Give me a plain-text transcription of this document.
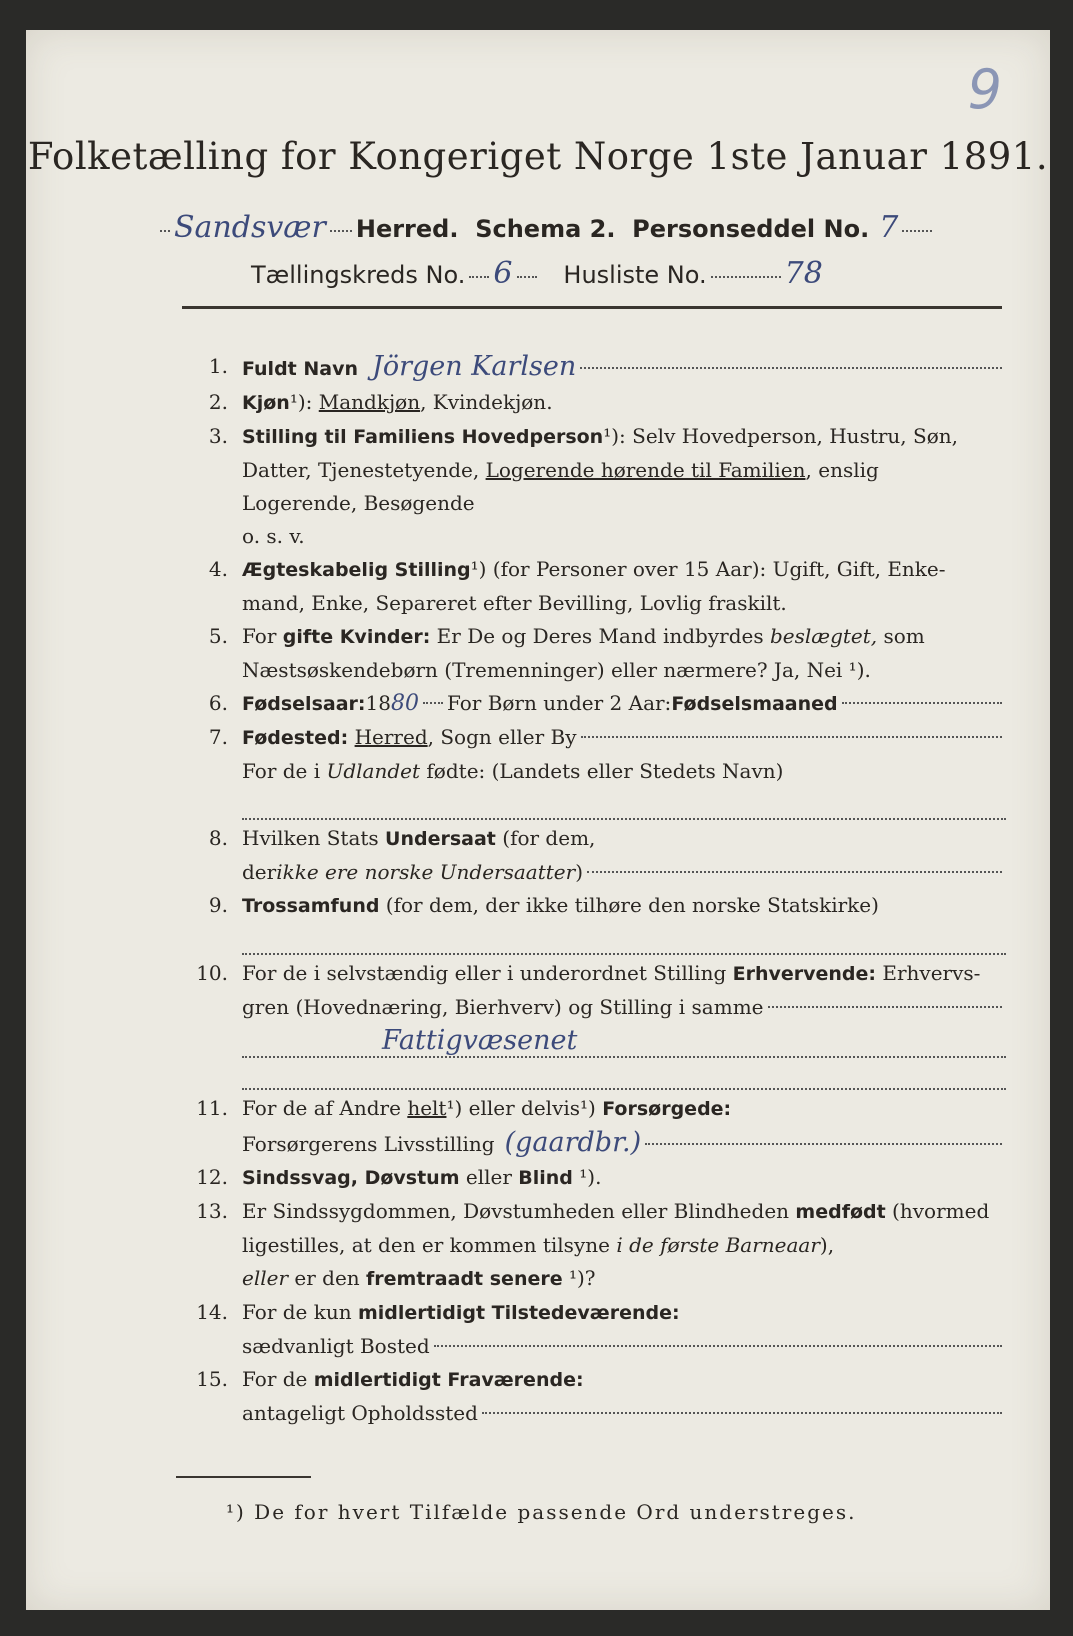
9
Folketælling for Kongeriget Norge 1ste Januar 1891.
Sandsvær Herred.
Schema 2.
Personseddel No. 7
Tællingskreds No. 6
Husliste No.	78
1. Fuldt Navn Jörgen Karlsen
2. Kjøn¹): Mandkjøn, Kvindekjøn.
3. Stilling til Familiens Hovedperson¹): Selv Hovedperson, Hustru, Søn,
Datter, Tjenestetyende, Logerende hørende til Familien, enslig
Logerende, Besøgende
o. s. v.
4. Ægteskabelig Stilling¹) (for Personer over 15 Aar): Ugift, Gift, Enke-
mand, Enke, Separeret efter Bevilling, Lovlig fraskilt.
5. For gifte Kvinder: Er De og Deres Mand indbyrdes beslægtet, som
Næstsøskendebørn (Tremenninger) eller nærmere? Ja, Nei ¹).
6. Fødselsaar: 18 80 For Børn under 2 Aar: Fødselsmaaned
7. Fødested:
Herred , Sogn eller By
For de i Udlandet fødte: (Landets eller Stedets Navn)
8. Hvilken Stats Undersaat (for dem,

der ikke ere norske Undersaatter )
9. Trossamfund (for dem, der ikke tilhøre den norske Statskirke)
10. For de i selvstændig eller i underordnet Stilling Erhvervende: Erhvervs-

gren (Hovednæring, Bierhverv) og Stilling i samme
Fattigvæsenet
11. For de af Andre helt¹) eller delvis¹) Forsørgede:

Forsørgerens Livsstilling (gaardbr.)
12. Sindssvag, Døvstum eller Blind ¹).
13. Er Sindssygdommen, Døvstumheden eller Blindheden medfødt (hvormed
ligestilles, at den er kommen tilsyne i de første Barneaar),
eller er den fremtraadt senere ¹)?
14. For de kun midlertidigt Tilstedeværende:

sædvanligt Bosted
15. For de midlertidigt Fraværende:

antageligt Opholdssted
¹) De for hvert Tilfælde passende Ord understreges.
